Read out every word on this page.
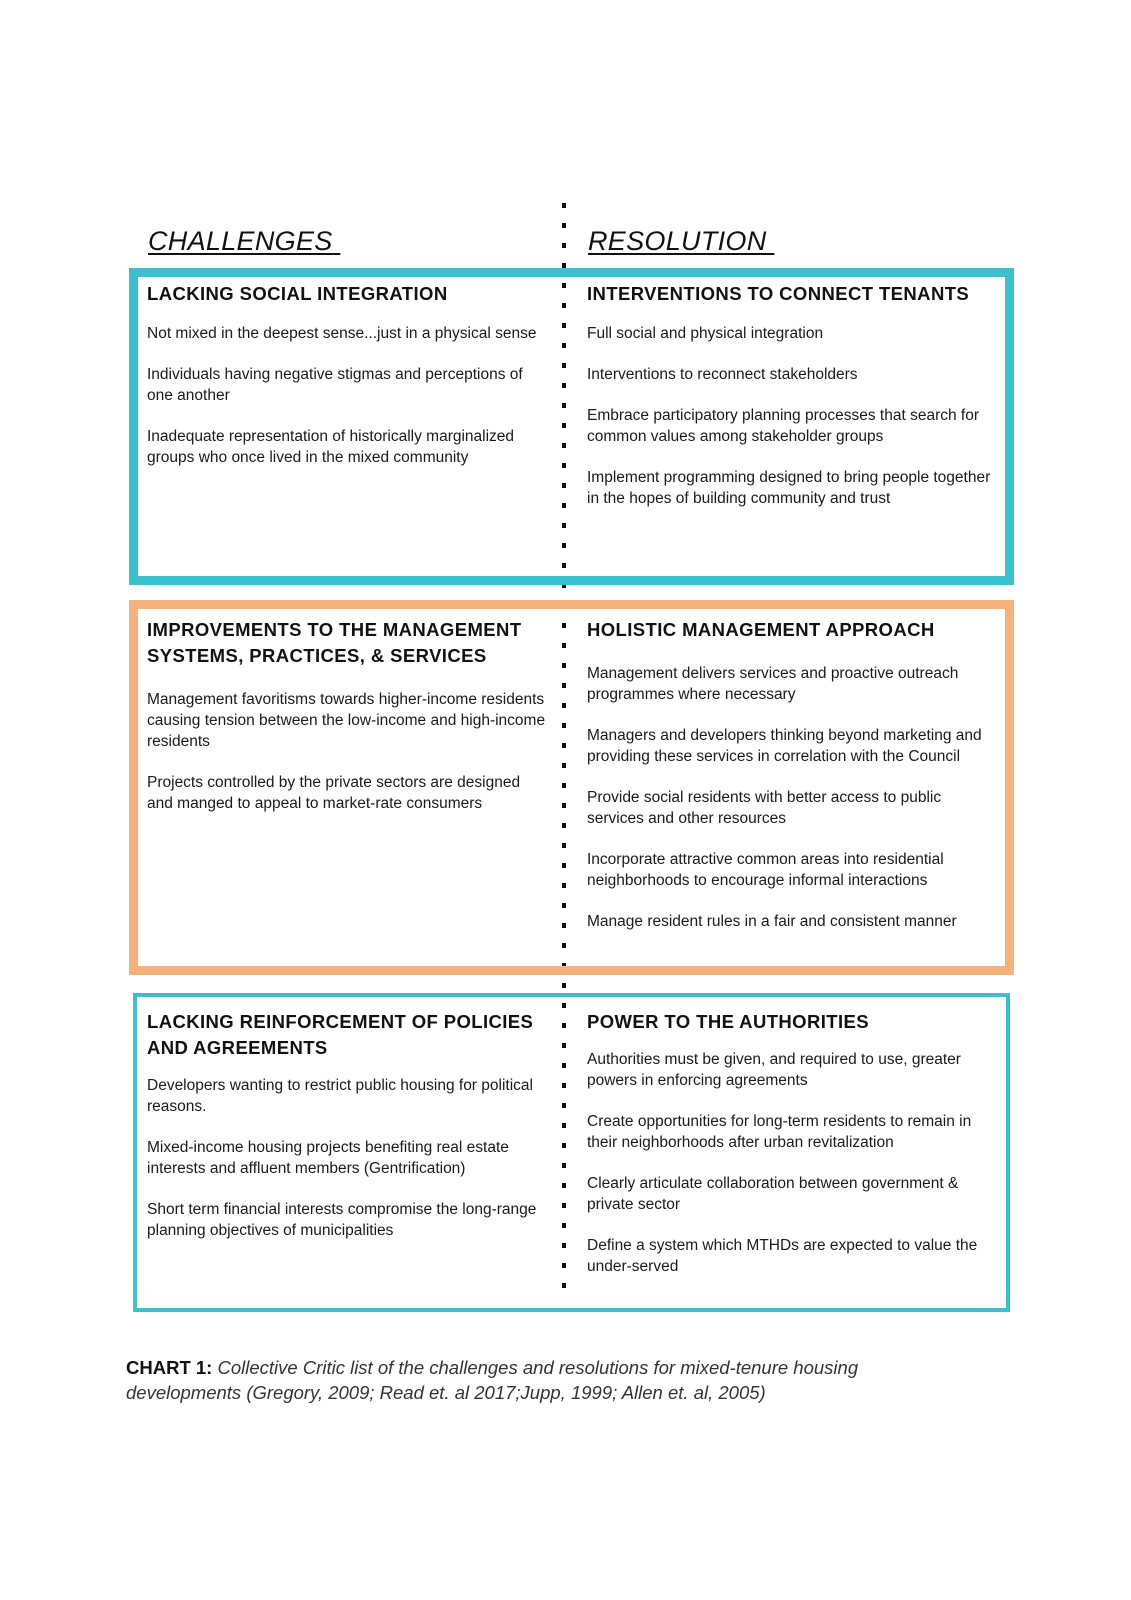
CHALLENGES	RESOLUTION

LACKING SOCIAL INTEGRATION

Not mixed in the deepest sense...just in a physical sense

Individuals having negative stigmas and perceptions of one another

Inadequate representation of historically marginalized groups who once lived in the mixed community

INTERVENTIONS TO CONNECT TENANTS

Full social and physical integration

Interventions to reconnect stakeholders

Embrace participatory planning processes that search for common values among stakeholder groups

Implement programming designed to bring people together in the hopes of building community and trust

IMPROVEMENTS TO THE MANAGEMENT SYSTEMS, PRACTICES, & SERVICES

Management favoritisms towards higher-income residents causing tension between the low-income and high-income residents

Projects controlled by the private sectors are designed and manged to appeal to market-rate consumers

HOLISTIC MANAGEMENT APPROACH

Management delivers services and proactive outreach programmes where necessary

Managers and developers thinking beyond marketing and providing these services in correlation with the Council

Provide social residents with better access to public services and other resources

Incorporate attractive common areas into residential neighborhoods to encourage informal interactions

Manage resident rules in a fair and consistent manner

LACKING REINFORCEMENT OF POLICIES AND AGREEMENTS

Developers wanting to restrict public housing for political reasons.

Mixed-income housing projects benefiting real estate interests and affluent members (Gentrification)

Short term financial interests compromise the long-range planning objectives of municipalities

POWER TO THE AUTHORITIES

Authorities must be given, and required to use, greater powers in enforcing agreements

Create opportunities for long-term residents to remain in their neighborhoods after urban revitalization

Clearly articulate collaboration between government & private sector

Define a system which MTHDs are expected to value the under-served

CHART 1: Collective Critic list of the challenges and resolutions for mixed-tenure housing developments (Gregory, 2009; Read et. al 2017;Jupp, 1999; Allen et. al, 2005)
